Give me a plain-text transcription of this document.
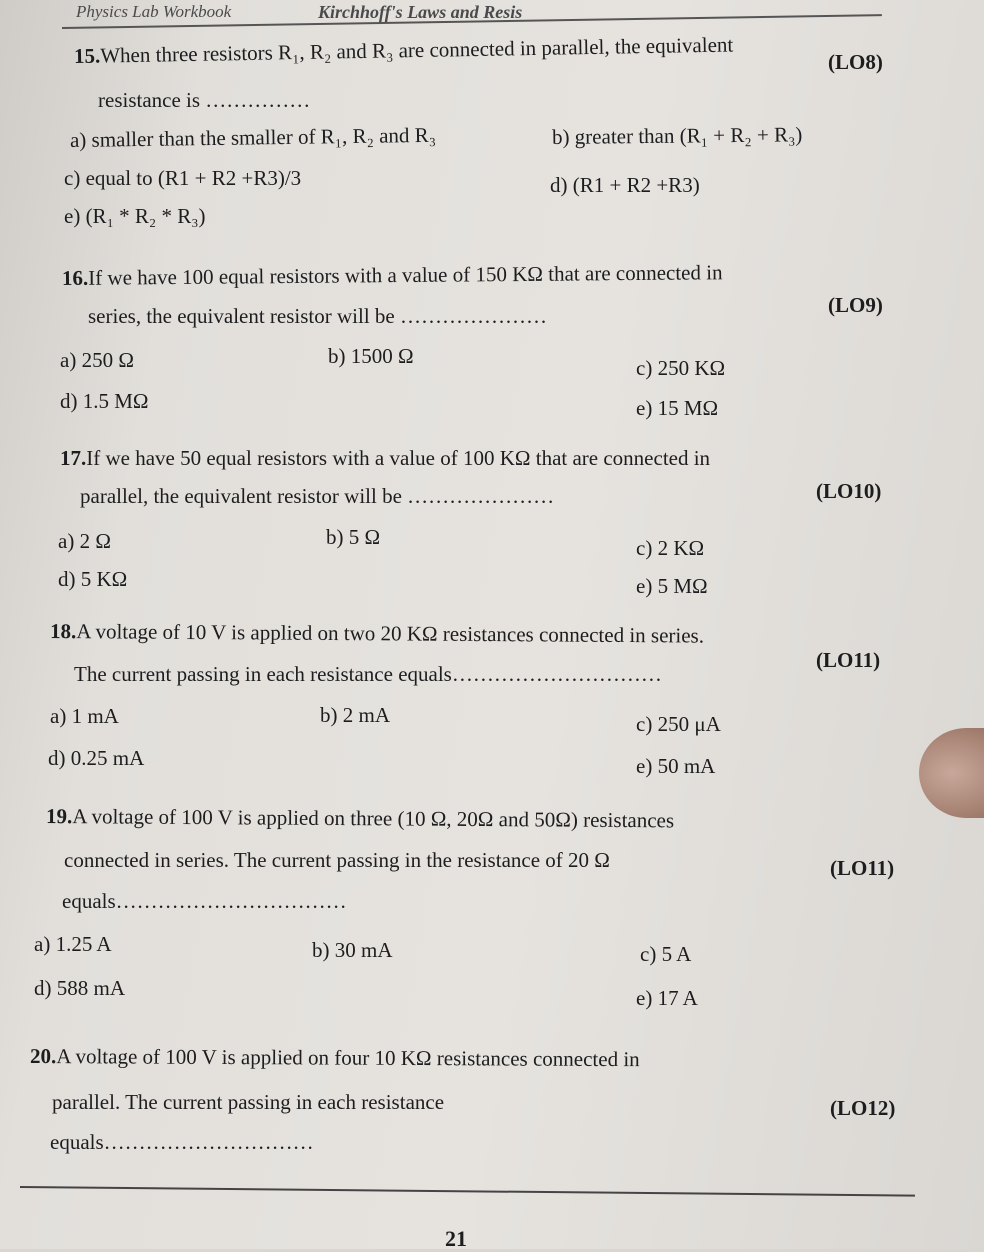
Physics Lab Workbook	Kirchhoff's Laws and Resis
15.When three resistors R₁, R₂ and R₃ are connected in parallel, the equivalent	(LO8)
resistance is ……………
a) smaller than the smaller of R₁, R₂ and R₃	b) greater than (R₁ + R₂ + R₃)
c) equal to (R1 + R2 +R3)/3	d) (R1 + R2 +R3)
e) (R₁ * R₂ * R₃)
16.If we have 100 equal resistors with a value of 150 KΩ that are connected in
(LO9)
series, the equivalent resistor will be …………………
a) 250 Ω	b) 1500 Ω	c) 250 KΩ
d) 1.5 MΩ	e) 15 MΩ
17.If we have 50 equal resistors with a value of 100 KΩ that are connected in
(LO10)
parallel, the equivalent resistor will be …………………
a) 2 Ω	b) 5 Ω	c) 2 KΩ
d) 5 KΩ	e) 5 MΩ
18.A voltage of 10 V is applied on two 20 KΩ resistances connected in series.
(LO11)
The current passing in each resistance equals…………………………
a) 1 mA	b) 2 mA	c) 250 μA
d) 0.25 mA	e) 50 mA
19.A voltage of 100 V is applied on three (10 Ω, 20Ω and 50Ω) resistances
connected in series. The current passing in the resistance of 20 Ω	(LO11)
equals……………………………
a) 1.25 A	b) 30 mA	c) 5 A
d) 588 mA	e) 17 A
20.A voltage of 100 V is applied on four 10 KΩ resistances connected in
parallel. The current passing in each resistance	(LO12)
equals…………………………
21
